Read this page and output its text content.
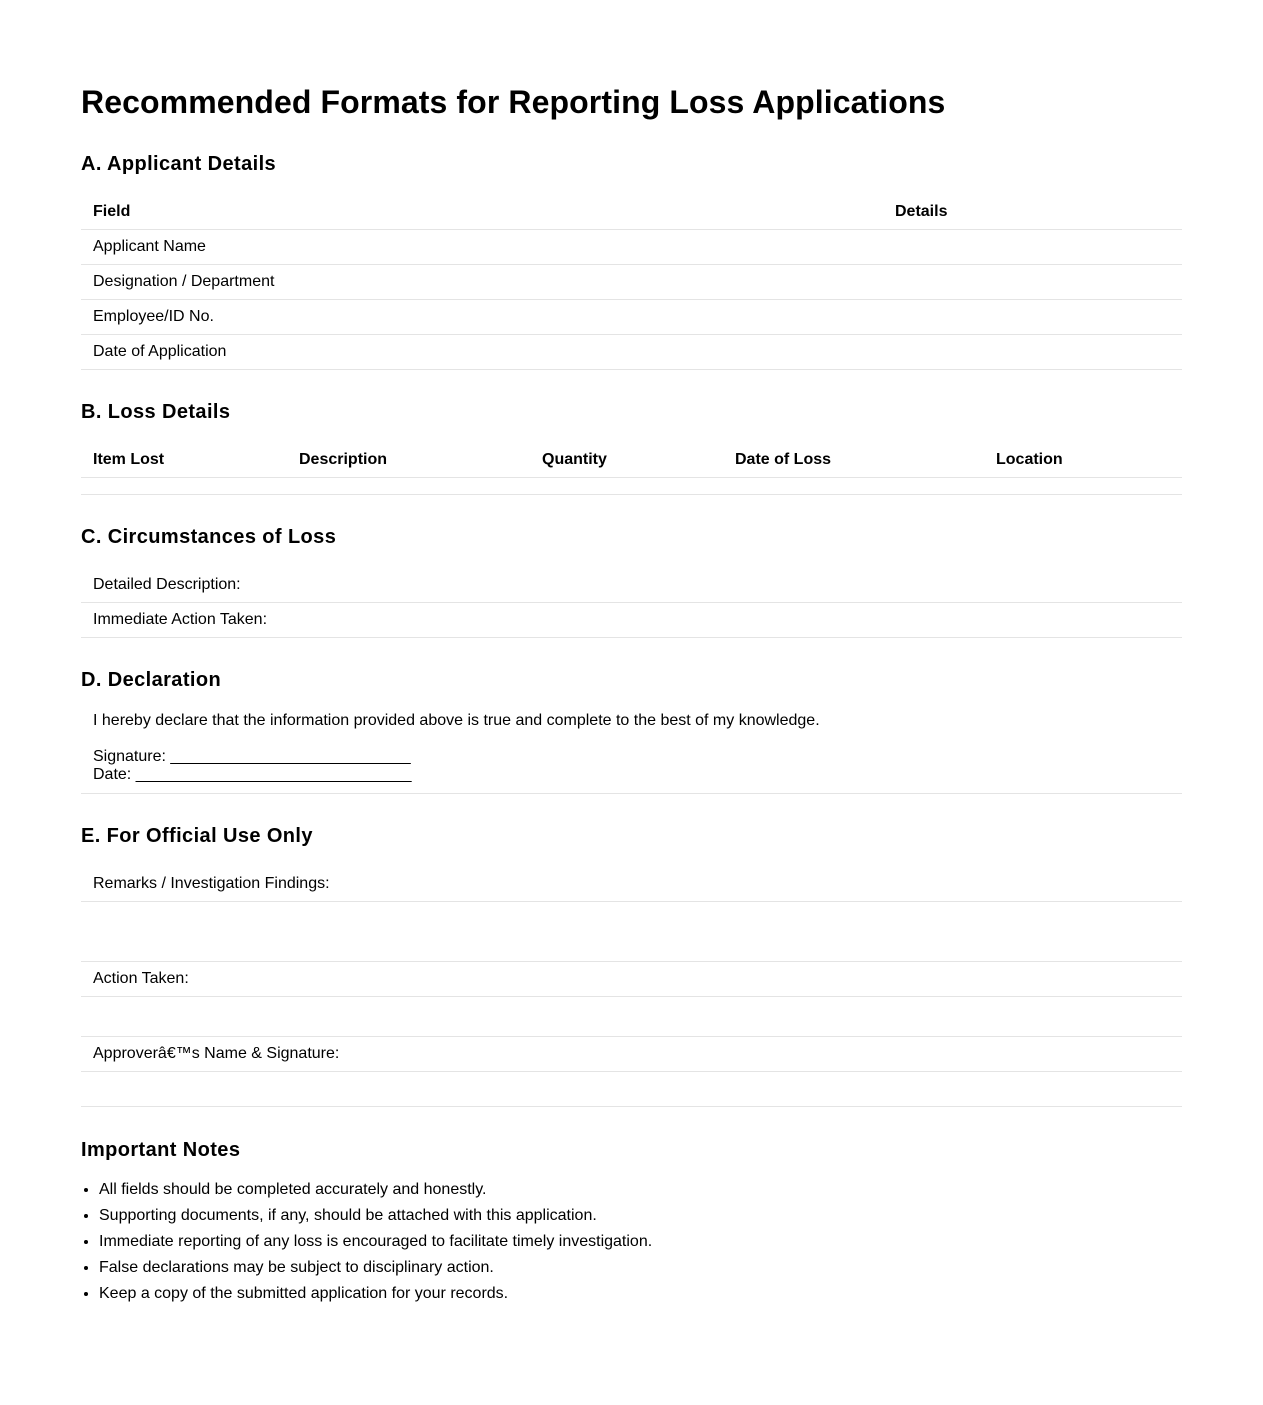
Recommended Formats for Reporting Loss Applications
A. Applicant Details
Field	Details
Applicant Name	
Designation / Department	
Employee/ID No.	
Date of Application	
B. Loss Details
Item Lost	Description	Quantity	Date of Loss	Location

C. Circumstances of Loss
Detailed Description:
Immediate Action Taken:
D. Declaration

I hereby declare that the information provided above is true and complete to the best of my knowledge.

Signature: ___________________________
Date: _______________________________
E. For Official Use Only
Remarks / Investigation Findings:

Action Taken:

Approverâ€™s Name & Signature:

Important Notes
• All fields should be completed accurately and honestly.
• Supporting documents, if any, should be attached with this application.
• Immediate reporting of any loss is encouraged to facilitate timely investigation.
• False declarations may be subject to disciplinary action.
• Keep a copy of the submitted application for your records.
